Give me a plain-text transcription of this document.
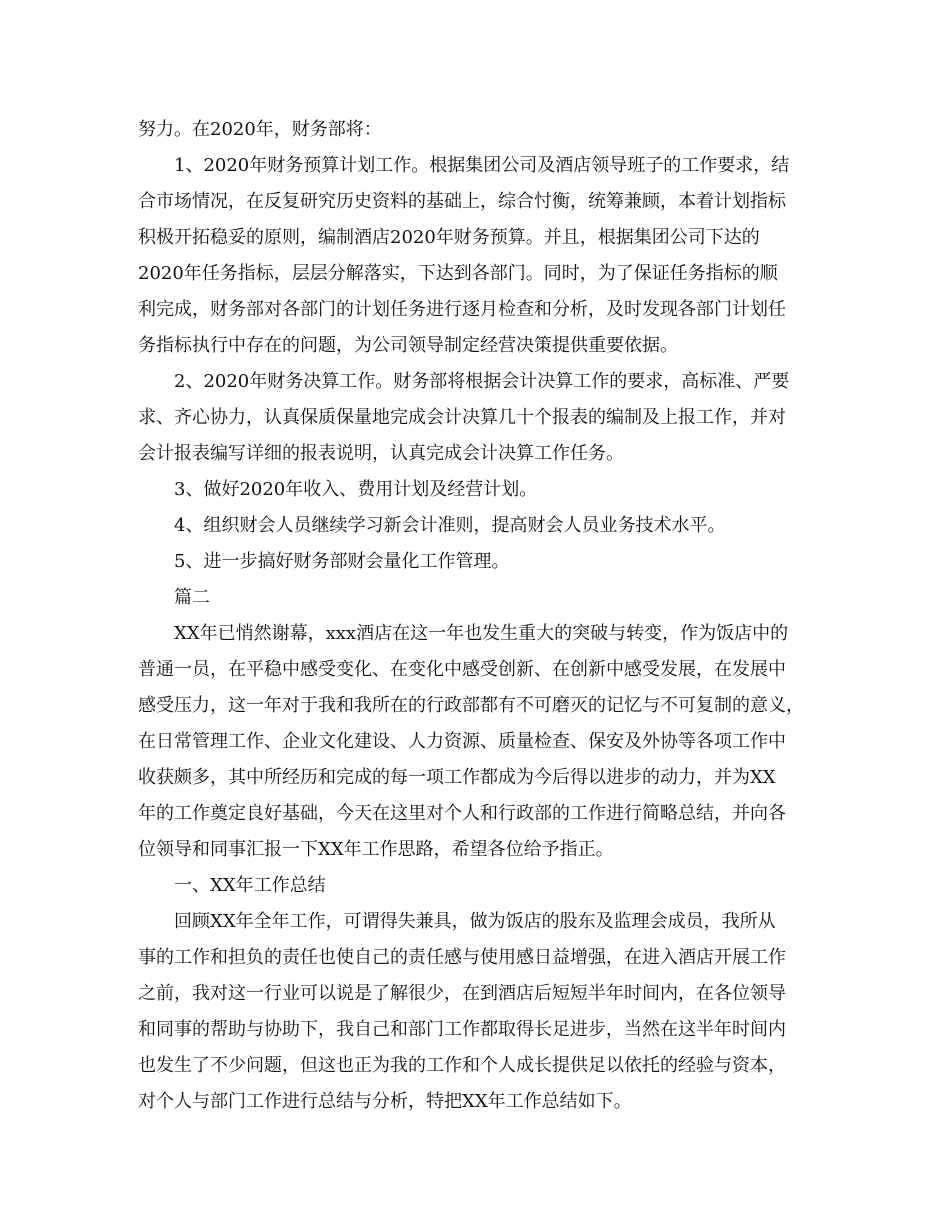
努力。在2020年，财务部将：
1、2020年财务预算计划工作。根据集团公司及酒店领导班子的工作要求，结
合市场情况，在反复研究历史资料的基础上，综合忖衡，统筹兼顾，本着计划指标
积极开拓稳妥的原则，编制酒店2020年财务预算。并且，根据集团公司下达的
2020年任务指标，层层分解落实，下达到各部门。同时，为了保证任务指标的顺
利完成，财务部对各部门的计划任务进行逐月检查和分析，及时发现各部门计划任
务指标执行中存在的问题，为公司领导制定经营决策提供重要依据。
2、2020年财务决算工作。财务部将根据会计决算工作的要求，高标准、严要
求、齐心协力，认真保质保量地完成会计决算几十个报表的编制及上报工作，并对
会计报表编写详细的报表说明，认真完成会计决算工作任务。
3、做好2020年收入、费用计划及经营计划。
4、组织财会人员继续学习新会计准则，提高财会人员业务技术水平。
5、进一步搞好财务部财会量化工作管理。
篇二
XX年已悄然谢幕，xxx酒店在这一年也发生重大的突破与转变，作为饭店中的
普通一员，在平稳中感受变化、在变化中感受创新、在创新中感受发展，在发展中
感受压力，这一年对于我和我所在的行政部都有不可磨灭的记忆与不可复制的意义，
在日常管理工作、企业文化建设、人力资源、质量检查、保安及外协等各项工作中
收获颇多，其中所经历和完成的每一项工作都成为今后得以进步的动力，并为XX
年的工作奠定良好基础，今天在这里对个人和行政部的工作进行简略总结，并向各
位领导和同事汇报一下XX年工作思路，希望各位给予指正。
一、XX年工作总结
回顾XX年全年工作，可谓得失兼具，做为饭店的股东及监理会成员，我所从
事的工作和担负的责任也使自己的责任感与使用感日益增强，在进入酒店开展工作
之前，我对这一行业可以说是了解很少，在到酒店后短短半年时间内，在各位领导
和同事的帮助与协助下，我自己和部门工作都取得长足进步，当然在这半年时间内
也发生了不少问题，但这也正为我的工作和个人成长提供足以依托的经验与资本，
对个人与部门工作进行总结与分析，特把XX年工作总结如下。
